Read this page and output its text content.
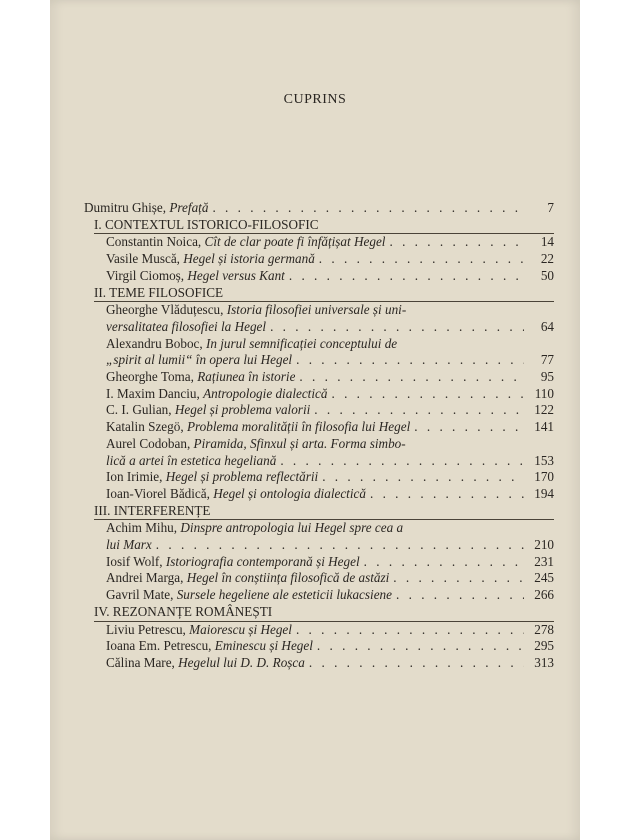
CUPRINS
Dumitru Ghișe, Prefață . . .	7
I. CONTEXTUL ISTORICO-FILOSOFIC
Constantin Noica, Cît de clar poate fi înfățișat Hegel . . .	14
Vasile Muscă, Hegel și istoria germană . . .	22
Virgil Ciomoș, Hegel versus Kant . . .	50
II. TEME FILOSOFICE
Gheorghe Vlăduțescu, Istoria filosofiei universale și uni-
versalitatea filosofiei la Hegel . . .	64
Alexandru Boboc, In jurul semnificației conceptului de
„spirit al lumii“ în opera lui Hegel . . .	77
Gheorghe Toma, Rațiunea în istorie . . .	95
I. Maxim Danciu, Antropologie dialectică . . .	110
C. I. Gulian, Hegel și problema valorii . . .	122
Katalin Szegö, Problema moralității în filosofia lui Hegel . . .	141
Aurel Codoban, Piramida, Sfinxul și arta. Forma simbo-
lică a artei în estetica hegeliană . . .	153
Ion Irimie, Hegel și problema reflectării . . .	170
Ioan-Viorel Bădică, Hegel și ontologia dialectică . . .	194
III. INTERFERENȚE
Achim Mihu, Dinspre antropologia lui Hegel spre cea a
lui Marx . . .	210
Iosif Wolf, Istoriografia contemporană și Hegel . . .	231
Andrei Marga, Hegel în conștiința filosofică de astăzi . . .	245
Gavril Mate, Sursele hegeliene ale esteticii lukacsiene . . .	266
IV. REZONANȚE ROMÂNEȘTI
Liviu Petrescu, Maiorescu și Hegel . . .	278
Ioana Em. Petrescu, Eminescu și Hegel . . .	295
Călina Mare, Hegelul lui D. D. Roșca . . .	313
